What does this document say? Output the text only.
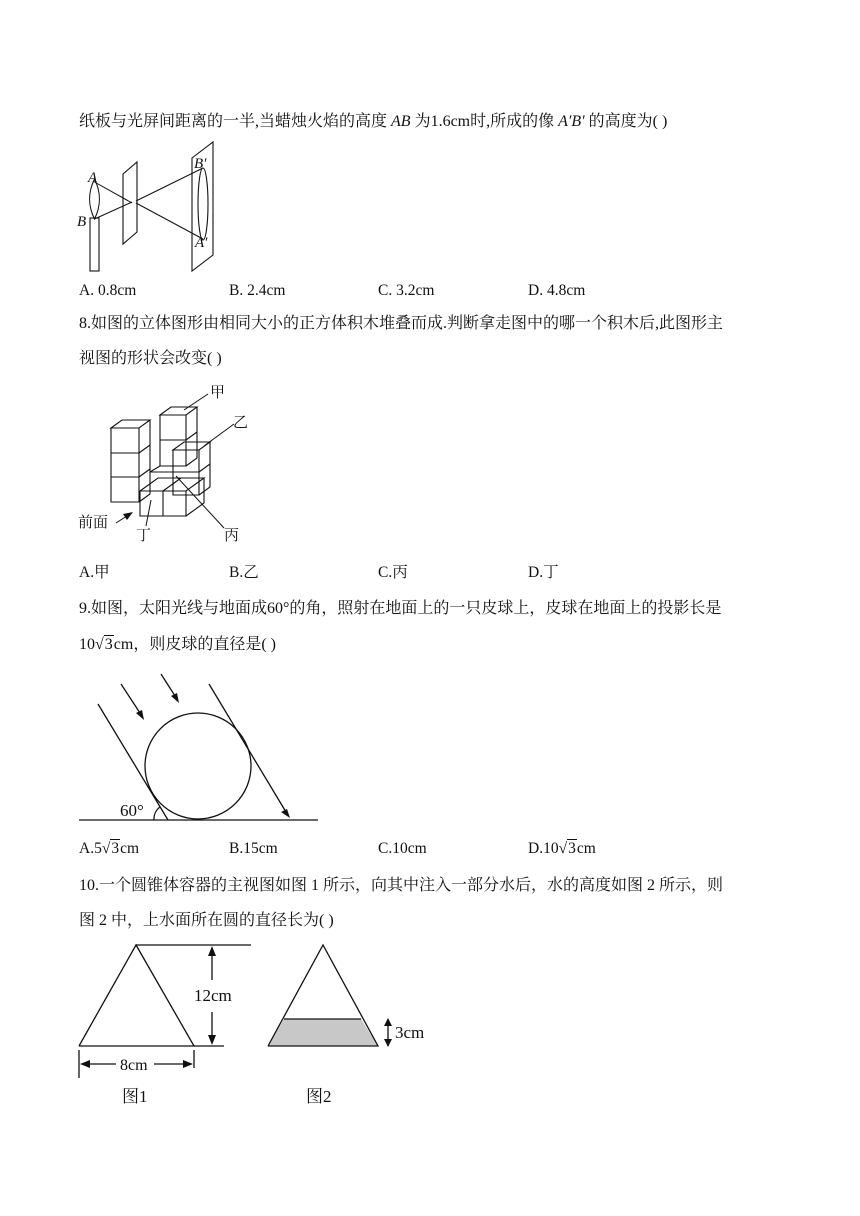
纸板与光屏间距离的一半,当蜡烛火焰的高度 AB 为1.6cm时,所成的像 A′B′ 的高度为( )
A
B
B′
A′
A. 0.8cm	B. 2.4cm	C. 3.2cm	D. 4.8cm
8.如图的立体图形由相同大小的正方体积木堆叠而成.判断拿走图中的哪一个积木后,此图形主
视图的形状会改变( )
甲
乙
丙
丁
前面
A.甲	B.乙	C.丙	D.丁
9.如图，太阳光线与地面成60°的角，照射在地面上的一只皮球上，皮球在地面上的投影长是
10√3cm，则皮球的直径是( )
60°
A.5√3cm	B.15cm	C.10cm	D.10√3cm
10.一个圆锥体容器的主视图如图 1 所示，向其中注入一部分水后，水的高度如图 2 所示，则
图 2 中，上水面所在圆的直径长为( )
12cm
8cm
图1
3cm
图2
